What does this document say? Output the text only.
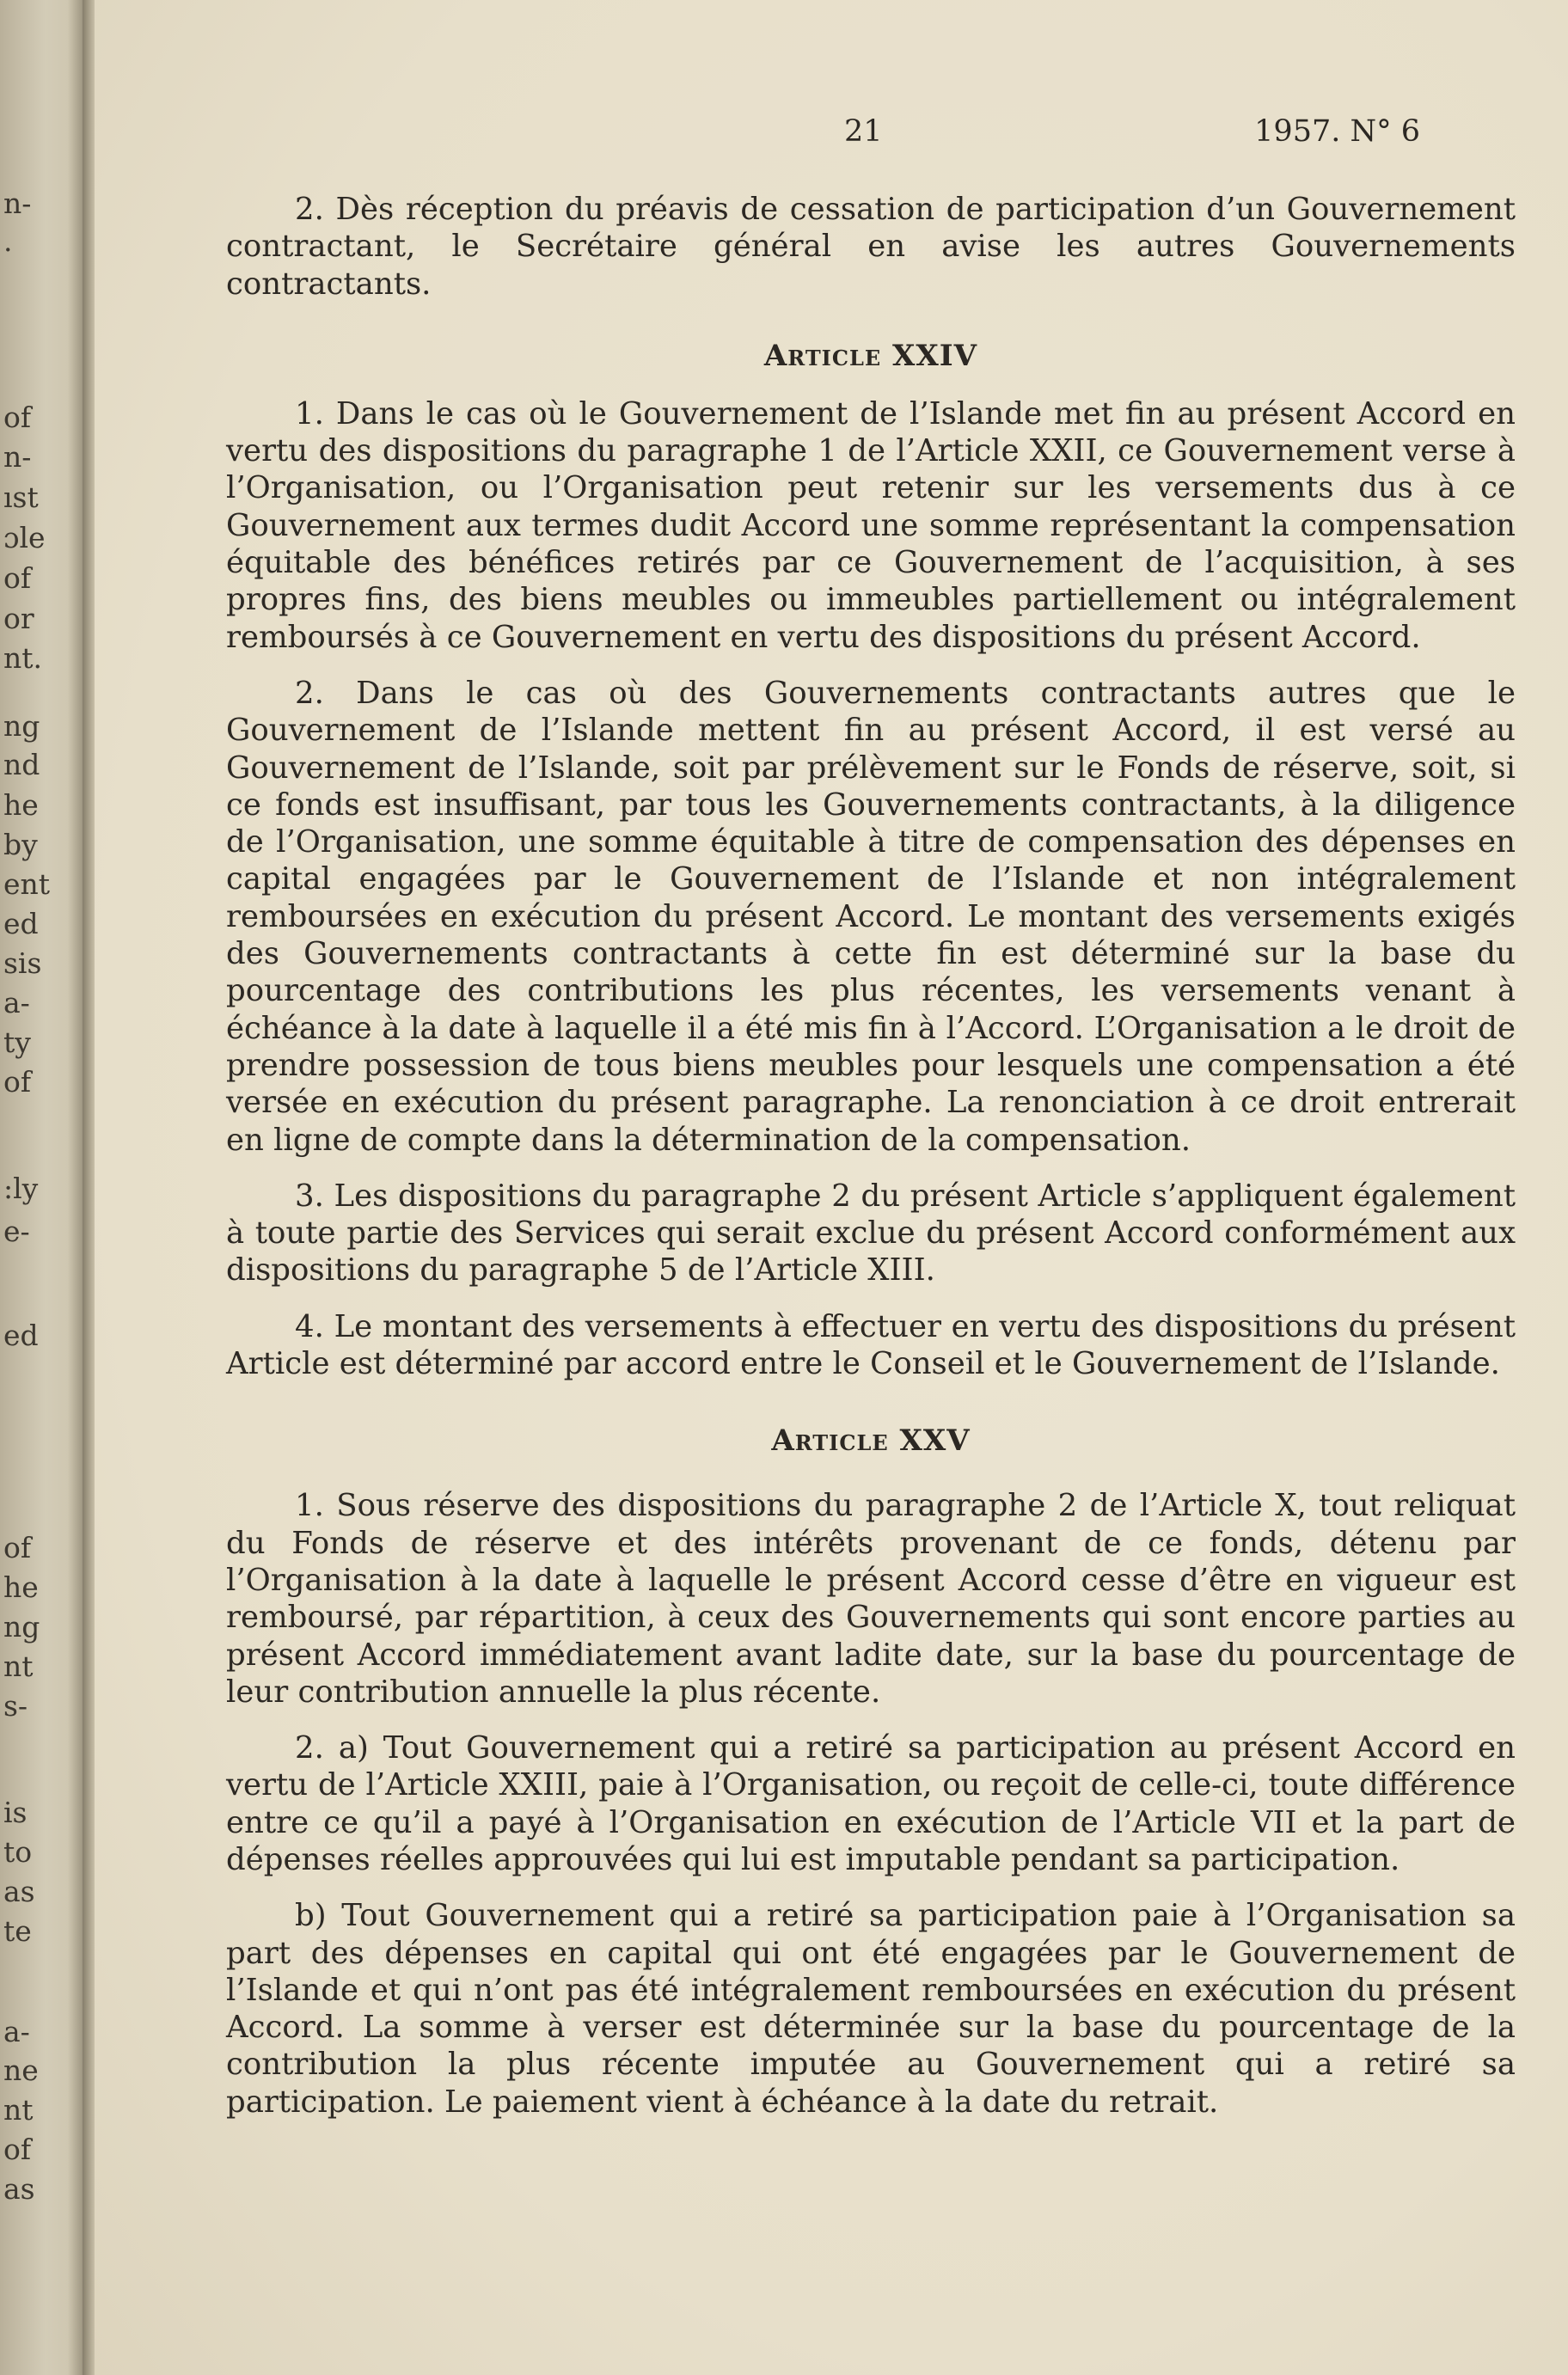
n-
.
of
n-
ıst
ɔle
of
or
nt.
ng
nd
he
by
ent
ed
sis
a-
ty
of
:ly
e-
ed
of
he
ng
nt
s-
is
to
as
te
a-
ne
nt
of
as
21	1957. N° 6

2. Dès réception du préavis de cessation de participation d’un Gouvernement contractant, le Secrétaire général en avise les autres Gouvernements contractants.

Article XXIV

1. Dans le cas où le Gouvernement de l’Islande met fin au présent Accord en vertu des dispositions du paragraphe 1 de l’Article XXII, ce Gouvernement verse à l’Organisation, ou l’Organisation peut retenir sur les versements dus à ce Gouvernement aux termes dudit Accord une somme représentant la compensation équitable des bénéfices retirés par ce Gouvernement de l’acquisition, à ses propres fins, des biens meubles ou immeubles partiellement ou intégralement remboursés à ce Gouvernement en vertu des dispositions du présent Accord.

2. Dans le cas où des Gouvernements contractants autres que le Gouvernement de l’Islande mettent fin au présent Accord, il est versé au Gouvernement de l’Islande, soit par prélèvement sur le Fonds de réserve, soit, si ce fonds est insuffisant, par tous les Gouvernements contractants, à la diligence de l’Organisation, une somme équitable à titre de compensation des dépenses en capital engagées par le Gouvernement de l’Islande et non intégralement remboursées en exécution du présent Accord. Le montant des versements exigés des Gouvernements contractants à cette fin est déterminé sur la base du pourcentage des contributions les plus récentes, les versements venant à échéance à la date à laquelle il a été mis fin à l’Accord. L’Organisation a le droit de prendre possession de tous biens meubles pour lesquels une compensation a été versée en exécution du présent paragraphe. La renonciation à ce droit entrerait en ligne de compte dans la détermination de la compensation.

3. Les dispositions du paragraphe 2 du présent Article s’appliquent également à toute partie des Services qui serait exclue du présent Accord conformément aux dispositions du paragraphe 5 de l’Article XIII.

4. Le montant des versements à effectuer en vertu des dispositions du présent Article est déterminé par accord entre le Conseil et le Gouvernement de l’Islande.

Article XXV

1. Sous réserve des dispositions du paragraphe 2 de l’Article X, tout reliquat du Fonds de réserve et des intérêts provenant de ce fonds, détenu par l’Organisation à la date à laquelle le présent Accord cesse d’être en vigueur est remboursé, par répartition, à ceux des Gouvernements qui sont encore parties au présent Accord immédiatement avant ladite date, sur la base du pourcentage de leur contribution annuelle la plus récente.

2. a) Tout Gouvernement qui a retiré sa participation au présent Accord en vertu de l’Article XXIII, paie à l’Organisation, ou reçoit de celle-ci, toute différence entre ce qu’il a payé à l’Organisation en exécution de l’Article VII et la part de dépenses réelles approuvées qui lui est imputable pendant sa participation.

b) Tout Gouvernement qui a retiré sa participation paie à l’Organisation sa part des dépenses en capital qui ont été engagées par le Gouvernement de l’Islande et qui n’ont pas été intégralement remboursées en exécution du présent Accord. La somme à verser est déterminée sur la base du pourcentage de la contribution la plus récente imputée au Gouvernement qui a retiré sa participation. Le paiement vient à échéance à la date du retrait.
